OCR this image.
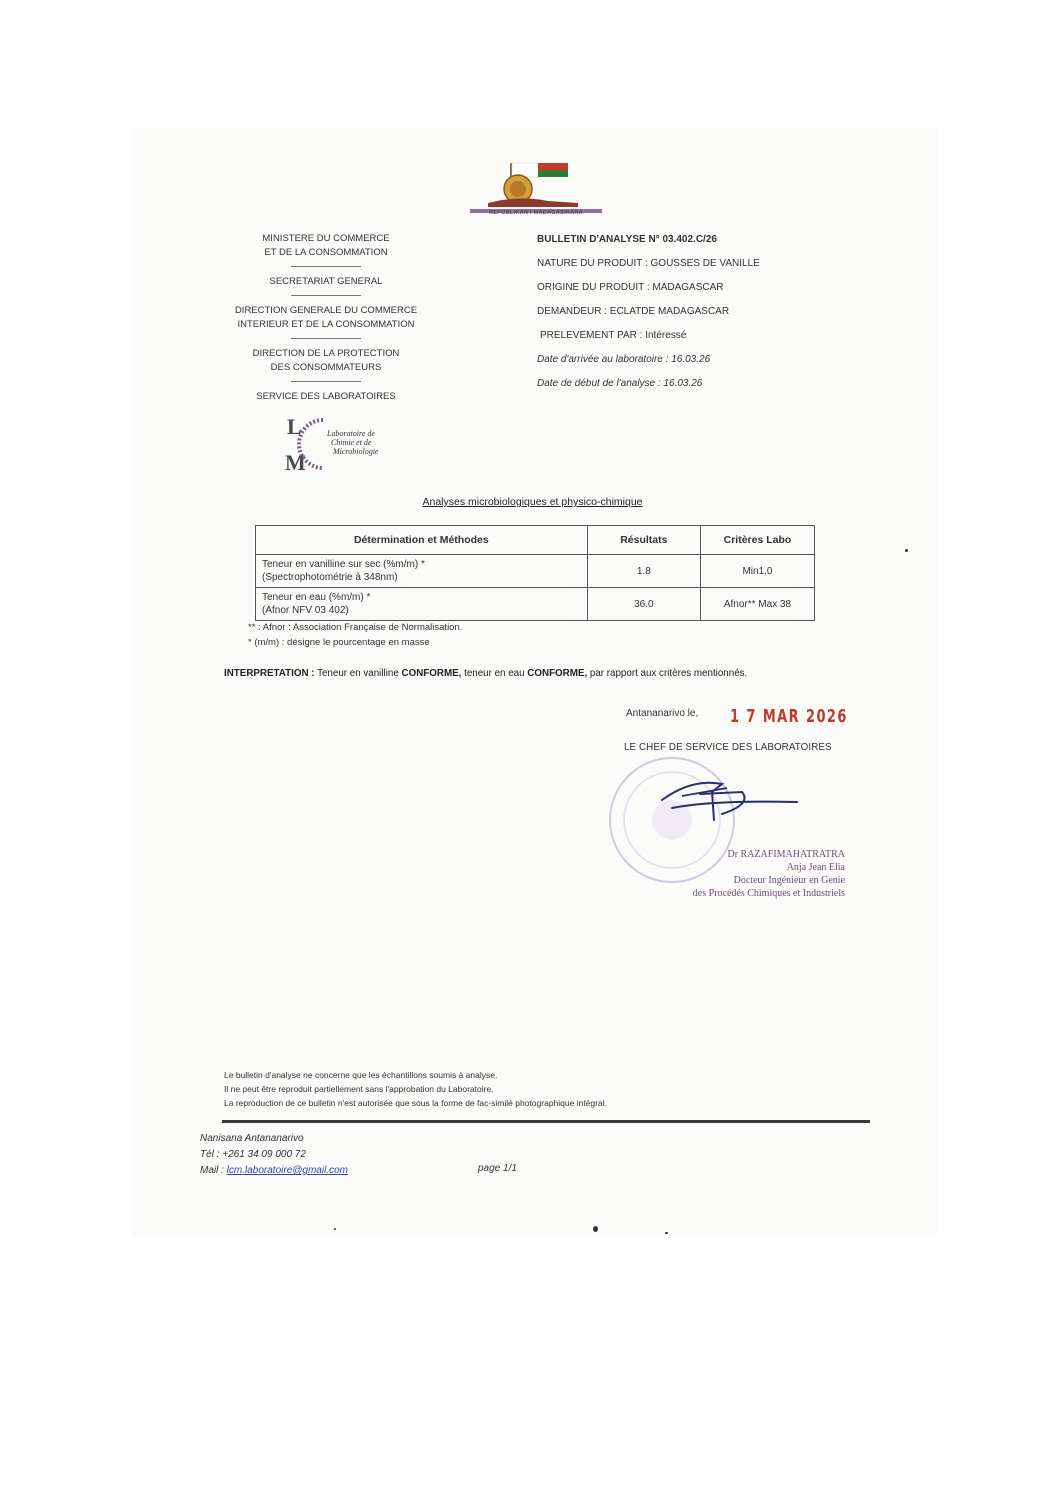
REPOBLIKAN'I MADAGASIKARA
MINISTERE DU COMMERCE
ET DE LA CONSOMMATION
SECRETARIAT GENERAL
DIRECTION GENERALE DU COMMERCE
INTERIEUR ET DE LA CONSOMMATION
DIRECTION DE LA PROTECTION
DES CONSOMMATEURS
SERVICE DES LABORATOIRES
L
M
Laboratoire de
Chimie et de
Microbiologie
BULLETIN D'ANALYSE N° 03.402.C/26
NATURE DU PRODUIT : GOUSSES DE VANILLE
ORIGINE DU PRODUIT : MADAGASCAR
DEMANDEUR : ECLATDE MADAGASCAR
PRELEVEMENT PAR : Intéressé
Date d'arrivée au laboratoire : 16.03.26
Date de début de l'analyse : 16.03.26
Analyses microbiologiques et physico-chimique
Détermination et Méthodes	Résultats	Critères Labo

Teneur en vanilline sur sec (%m/m) *
(Spectrophotométrie à 348nm)	1.8	Min1.0

Teneur en eau (%m/m) *
(Afnor NFV 03 402)	36.0	Afnor** Max 38
** : Afnor : Association Française de Normalisation.
* (m/m) : désigne le pourcentage en masse
INTERPRETATION : Teneur en vanilline CONFORME, teneur en eau CONFORME, par rapport aux critères mentionnés.
Antananarivo le, 1 7 MAR 2026
LE CHEF DE SERVICE DES LABORATOIRES
Dr RAZAFIMAHATRATRA
Anja Jean Elia
Docteur Ingénieur en Genie
des Procédés Chimiques et Industriels
Le bulletin d'analyse ne concerne que les échantillons soumis à analyse.
Il ne peut être reproduit partiellement sans l'approbation du Laboratoire.
La reproduction de ce bulletin n'est autorisée que sous la forme de fac-similé photographique intégral.
Nanisana Antananarivo
Tél : +261 34 09 000 72
Mail : lcm.laboratoire@gmail.com	page 1/1
